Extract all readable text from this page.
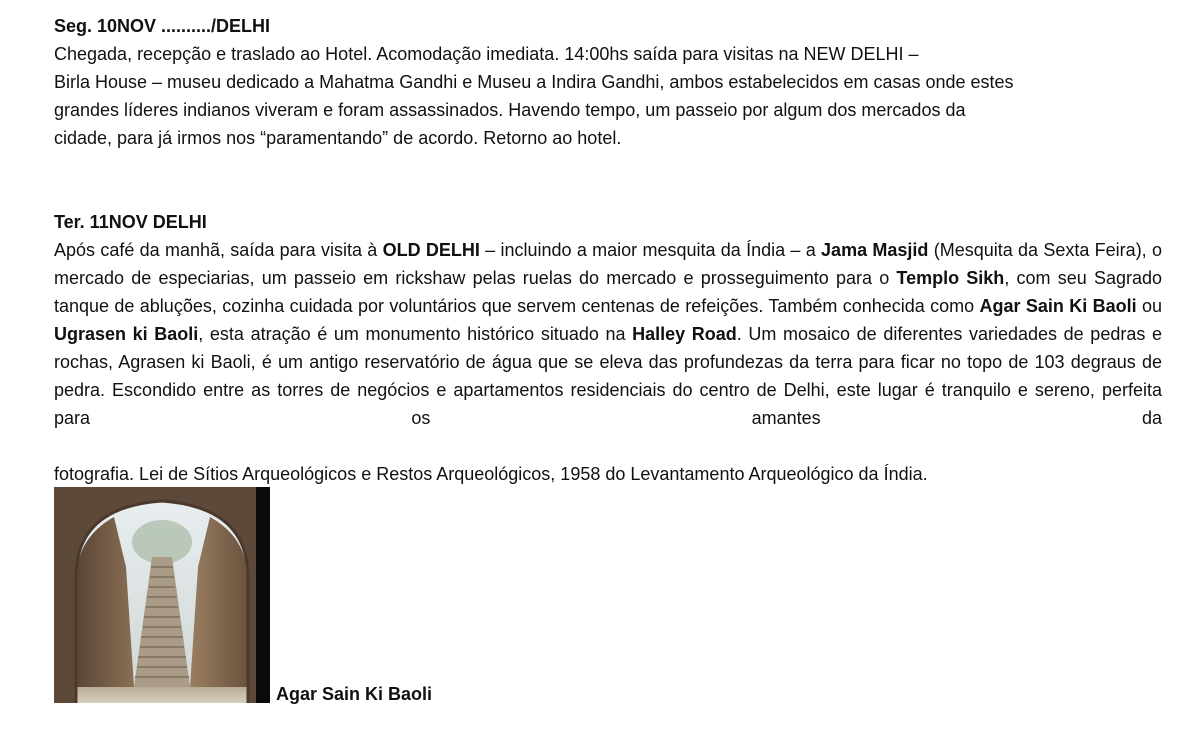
Seg. 10NOV ........../DELHI

Chegada, recepção e traslado ao Hotel. Acomodação imediata. 14:00hs saída para visitas na NEW DELHI –
Birla House – museu dedicado a Mahatma Gandhi e Museu a Indira Gandhi, ambos estabelecidos em casas onde estes
grandes líderes indianos viveram e foram assassinados. Havendo tempo, um passeio por algum dos mercados da
cidade, para já irmos nos “paramentando” de acordo. Retorno ao hotel.

Ter. 11NOV DELHI

Após café da manhã, saída para visita à OLD DELHI – incluindo a maior mesquita da Índia – a Jama Masjid (Mesquita da Sexta Feira), o mercado de especiarias, um passeio em rickshaw pelas ruelas do mercado e prosseguimento para o Templo Sikh, com seu Sagrado tanque de abluções, cozinha cuidada por voluntários que servem centenas de refeições. Também conhecida como Agar Sain Ki Baoli ou Ugrasen ki Baoli, esta atração é um monumento histórico situado na Halley Road. Um mosaico de diferentes variedades de pedras e rochas, Agrasen ki Baoli, é um antigo reservatório de água que se eleva das profundezas da terra para ficar no topo de 103 degraus de pedra. Escondido entre as torres de negócios e apartamentos residenciais do centro de Delhi, este lugar é tranquilo e sereno, perfeita para os amantes da

fotografia. Lei de Sítios Arqueológicos e Restos Arqueológicos, 1958 do Levantamento Arqueológico da Índia.
Agar Sain Ki Baoli
